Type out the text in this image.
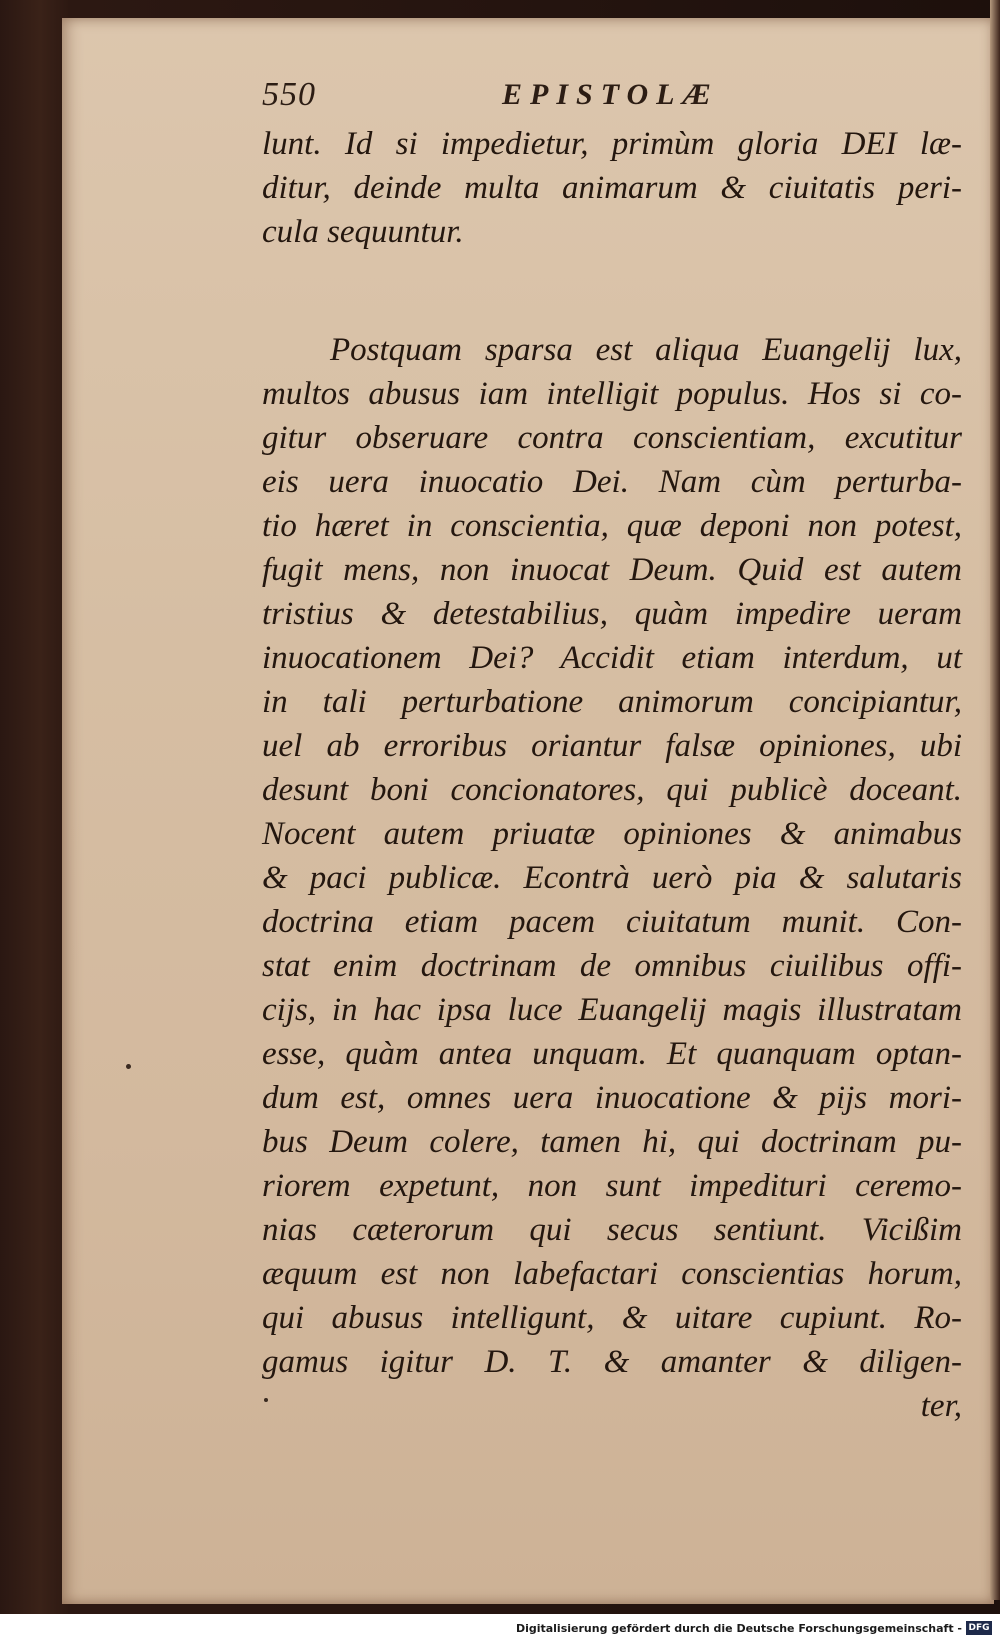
550	EPISTOLÆ
lunt. Id si impedietur, primùm gloria DEI læ-
ditur, deinde multa animarum & ciuitatis peri-
cula sequuntur.
Postquam sparsa est aliqua Euangelij lux,
multos abusus iam intelligit populus. Hos si co-
gitur obseruare contra conscientiam, excutitur
eis uera inuocatio Dei. Nam cùm perturba-
tio hæret in conscientia, quæ deponi non potest,
fugit mens, non inuocat Deum. Quid est autem
tristius & detestabilius, quàm impedire ueram
inuocationem Dei? Accidit etiam interdum, ut
in tali perturbatione animorum concipiantur,
uel ab erroribus oriantur falsæ opiniones, ubi
desunt boni concionatores, qui publicè doceant.
Nocent autem priuatæ opiniones & animabus
& paci publicæ. Econtrà uerò pia & salutaris
doctrina etiam pacem ciuitatum munit. Con-
stat enim doctrinam de omnibus ciuilibus offi-
cijs, in hac ipsa luce Euangelij magis illustratam
esse, quàm antea unquam. Et quanquam optan-
dum est, omnes uera inuocatione & pijs mori-
bus Deum colere, tamen hi, qui doctrinam pu-
riorem expetunt, non sunt impedituri ceremo-
nias cæterorum qui secus sentiunt. Vicißim
æquum est non labefactari conscientias horum,
qui abusus intelligunt, & uitare cupiunt. Ro-
gamus igitur D. T. & amanter & diligen-
ter,
Digitalisierung gefördert durch die Deutsche Forschungsgemeinschaft - DFG
